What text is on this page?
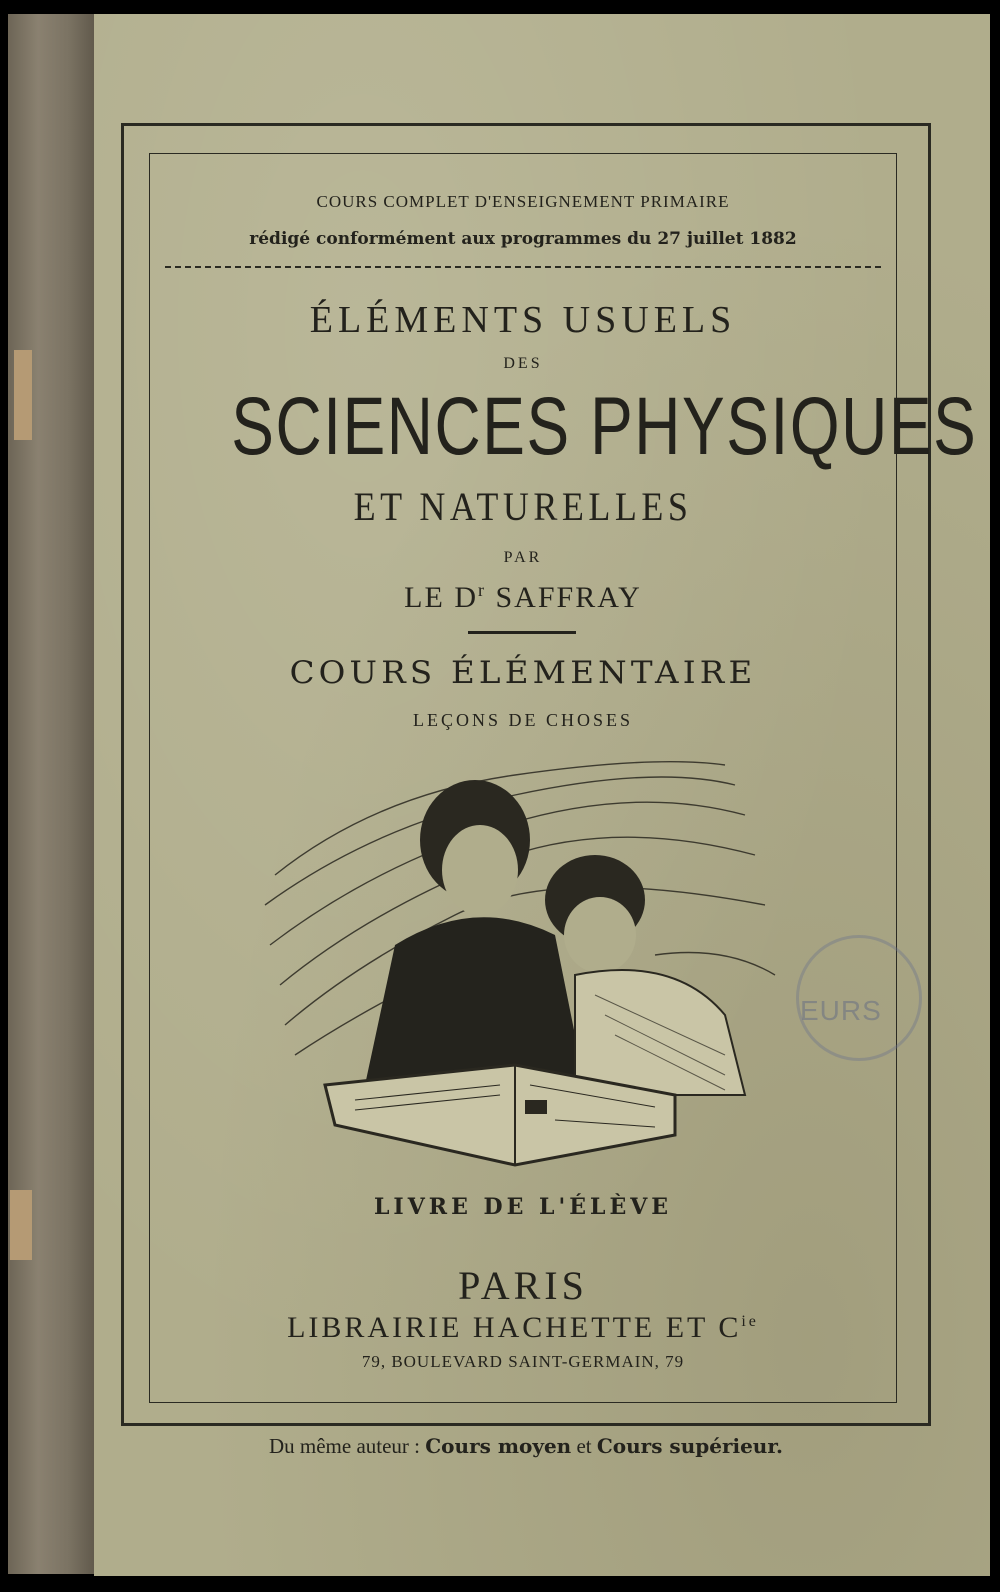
COURS COMPLET D'ENSEIGNEMENT PRIMAIRE
rédigé conformément aux programmes du 27 juillet 1882
ÉLÉMENTS USUELS
DES
SCIENCES PHYSIQUES
ET NATURELLES
PAR
LE $D^r$ SAFFRAY
COURS ÉLÉMENTAIRE
LEÇONS DE CHOSES
EURS
LIVRE DE L'ÉLÈVE
PARIS
LIBRAIRIE HACHETTE ET $C^{ie}$
79, BOULEVARD SAINT-GERMAIN, 79
Du même auteur : Cours moyen et Cours supérieur.
